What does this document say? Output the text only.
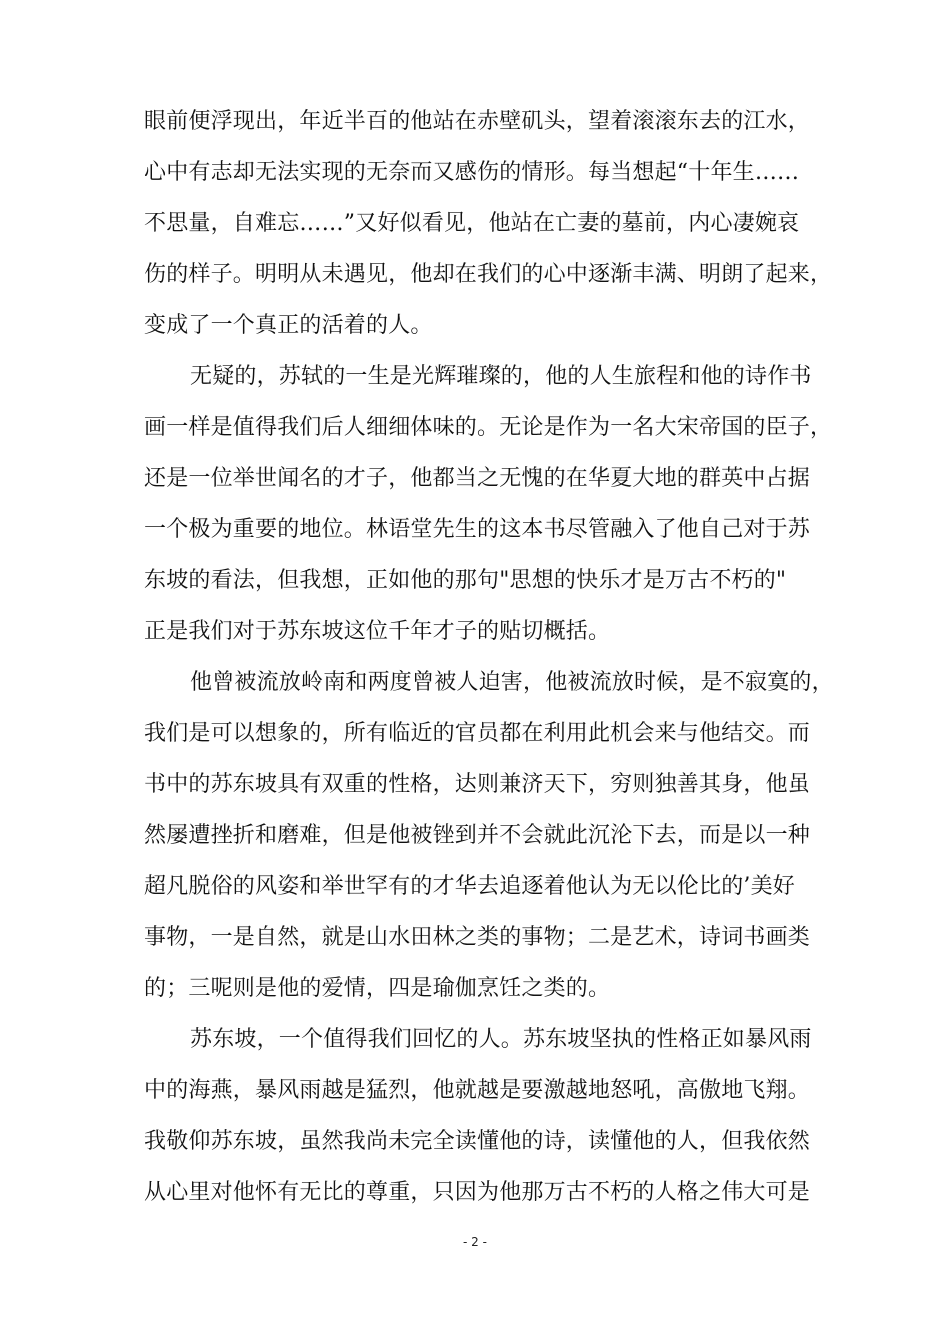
眼前便浮现出，年近半百的他站在赤壁矶头，望着滚滚东去的江水，
心中有志却无法实现的无奈而又感伤的情形。每当想起“十年生……
不思量，自难忘……”又好似看见，他站在亡妻的墓前，内心凄婉哀
伤的样子。明明从未遇见，他却在我们的心中逐渐丰满、明朗了起来，
变成了一个真正的活着的人。
无疑的，苏轼的一生是光辉璀璨的，他的人生旅程和他的诗作书
画一样是值得我们后人细细体味的。无论是作为一名大宋帝国的臣子，
还是一位举世闻名的才子，他都当之无愧的在华夏大地的群英中占据
一个极为重要的地位。林语堂先生的这本书尽管融入了他自己对于苏
东坡的看法，但我想，正如他的那句"思想的快乐才是万古不朽的"
正是我们对于苏东坡这位千年才子的贴切概括。
他曾被流放岭南和两度曾被人迫害，他被流放时候，是不寂寞的，
我们是可以想象的，所有临近的官员都在利用此机会来与他结交。而
书中的苏东坡具有双重的性格，达则兼济天下，穷则独善其身，他虽
然屡遭挫折和磨难，但是他被锉到并不会就此沉沦下去，而是以一种
超凡脱俗的风姿和举世罕有的才华去追逐着他认为无以伦比的’美好
事物，一是自然，就是山水田林之类的事物；二是艺术，诗词书画类
的；三呢则是他的爱情，四是瑜伽烹饪之类的。
苏东坡，一个值得我们回忆的人。苏东坡坚执的性格正如暴风雨
中的海燕，暴风雨越是猛烈，他就越是要激越地怒吼，高傲地飞翔。
我敬仰苏东坡，虽然我尚未完全读懂他的诗，读懂他的人，但我依然
从心里对他怀有无比的尊重，只因为他那万古不朽的人格之伟大可是
- 2 -
